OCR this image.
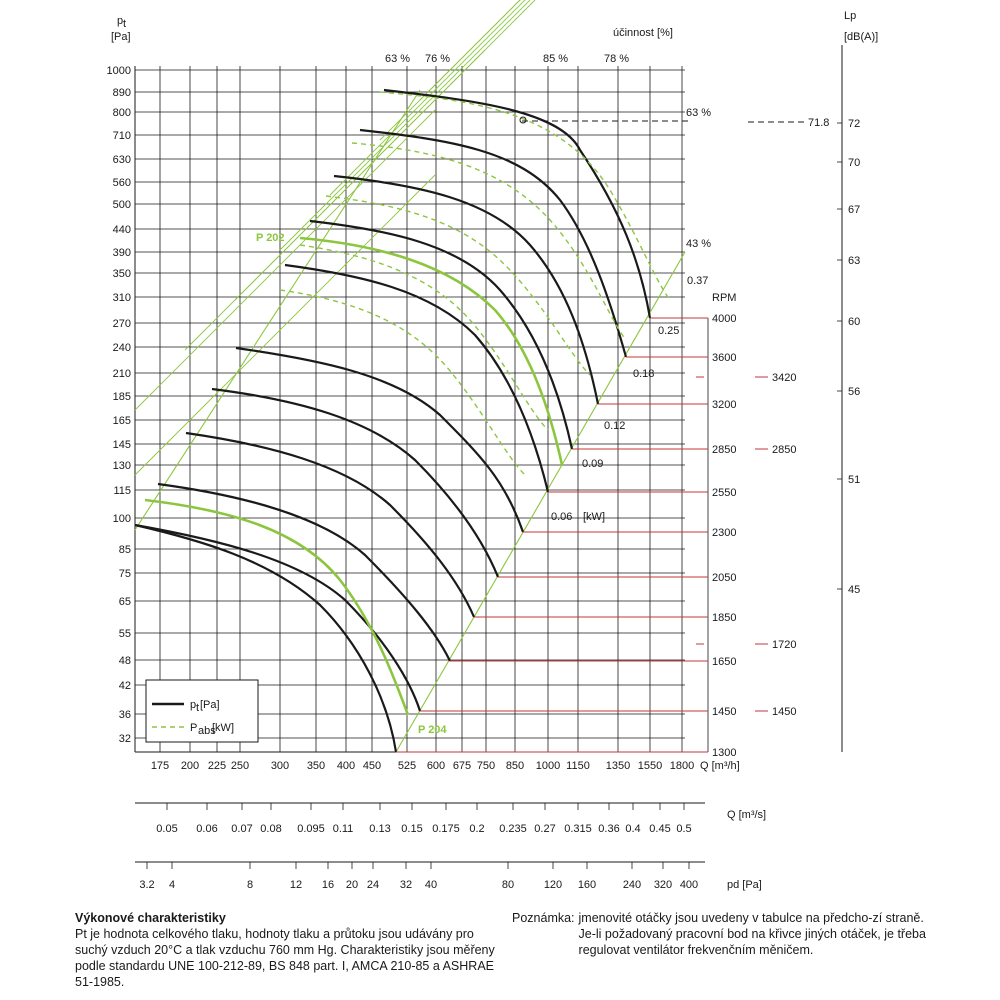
1000
890
800
710
630
560
500
440
390
350
310
270
240
210
185
165
145
130
115
100
85
75
65
55
48
42
36
32
175 200 225 250 300 350 400 450 525 600 675 750 850 1000 1150 1350 1550 1800 Q [m³/h]
p t
[Pa]
0.05 0.06 0.07 0.08 0.095 0.11 0.13 0.15 0.175 0.2 0.235 0.27 0.315 0.36 0.4 0.45 0.5
Q [m³/s]
3.2 4	8	12 16 20 24 32 40	80	120 160 240 320 400	pd [Pa]
Lp
[dB(A)]
72
70
67
63
60
56
51
45
71.8
RPM
4000
3600
3200
2850
2550
2300
2050
1850
1650
1450
1300
3420
2850
1720
1450
P 202
P 204
účinnost [%]
63 % 76 %	85 %	78 %
63 %
43 %
0.37
0.25
0.18
0.12
0.09
0.06 [kW]
p t [Pa]
P abs
[kW]
Výkonové charakteristiky
Pt je hodnota celkového tlaku, hodnoty tlaku a průtoku jsou udávány pro suchý vzduch 20°C a tlak vzduchu 760 mm Hg. Charakteristiky jsou měřeny podle standardu UNE 100-212-89, BS 848 part. I, AMCA 210-85 a ASHRAE 51-1985.
Poznámka: jmenovité otáčky jsou uvedeny v tabulce na předcho-zí straně. Je-li požadovaný pracovní bod na křivce jiných otáček, je třeba regulovat ventilátor frekvenčním měničem.
